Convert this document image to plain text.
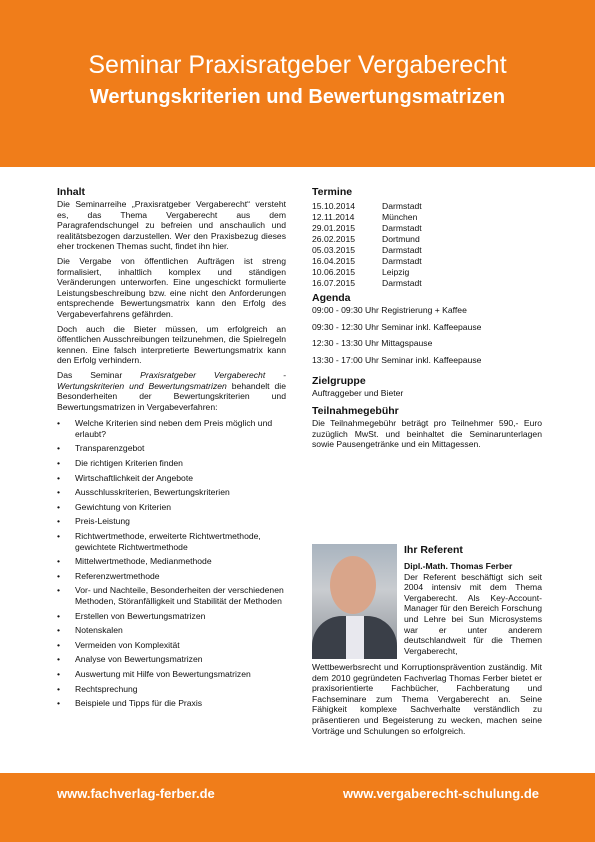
Seminar Praxisratgeber Vergaberecht
Wertungskriterien und Bewertungsmatrizen
Inhalt

Die Seminarreihe „Praxisratgeber Vergaberecht“ versteht es, das Thema Vergaberecht aus dem Paragrafendschungel zu befreien und anschaulich und realitätsbezogen darzustellen. Wer den Praxisbezug dieses eher trockenen Themas sucht, findet ihn hier.

Die Vergabe von öffentlichen Aufträgen ist streng formalisiert, inhaltlich komplex und ständigen Veränderungen unterworfen. Eine ungeschickt formulierte Leistungsbeschreibung bzw. eine nicht den Anforderungen entsprechende Bewertungsmatrix kann den Erfolg des Vergabeverfahrens gefährden.

Doch auch die Bieter müssen, um erfolgreich an öffentlichen Ausschreibungen teilzunehmen, die Spielregeln kennen. Eine falsch interpretierte Bewertungsmatrix kann den Erfolg verhindern.

Das Seminar Praxisratgeber Vergaberecht - Wertungskriterien und Bewertungsmatrizen behandelt die Besonderheiten der Bewertungskriterien und Bewertungsmatrizen in Vergabeverfahren:

• Welche Kriterien sind neben dem Preis möglich und erlaubt?
• Transparenzgebot
• Die richtigen Kriterien finden
• Wirtschaftlichkeit der Angebote
• Ausschlusskriterien, Bewertungskriterien
• Gewichtung von Kriterien
• Preis-Leistung
• Richtwertmethode, erweiterte Richtwertmethode, gewichtete Richtwertmethode
• Mittelwertmethode, Medianmethode
• Referenzwertmethode
• Vor- und Nachteile, Besonderheiten der verschiedenen Methoden, Störanfälligkeit und Stabilität der Methoden
• Erstellen von Bewertungsmatrizen
• Notenskalen
• Vermeiden von Komplexität
• Analyse von Bewertungsmatrizen
• Auswertung mit Hilfe von Bewertungsmatrizen
• Rechtsprechung
• Beispiele und Tipps für die Praxis
Termine
15.10.2014	Darmstadt
12.11.2014	München
29.01.2015	Darmstadt
26.02.2015	Dortmund
05.03.2015	Darmstadt
16.04.2015	Darmstadt
10.06.2015	Leipzig
16.07.2015	Darmstadt
Agenda
09:00 - 09:30 Uhr Registrierung + Kaffee
09:30 - 12:30 Uhr Seminar inkl. Kaffeepause
12:30 - 13:30 Uhr Mittagspause
13:30 - 17:00 Uhr Seminar inkl. Kaffeepause
Zielgruppe
Auftraggeber und Bieter
Teilnahmegebühr

Die Teilnahmegebühr beträgt pro Teilnehmer 590,- Euro zuzüglich MwSt. und beinhaltet die Seminarunterlagen sowie Pausengetränke und ein Mittagessen.

Ihr Referent
Dipl.-Math. Thomas Ferber

Der Referent beschäftigt sich seit 2004 intensiv mit dem Thema Vergaberecht. Als Key-Account-Manager für den Bereich Forschung und Lehre bei Sun Microsystems war er unter anderem deutschlandweit für die Themen Vergaberecht,

Wettbewerbsrecht und Korruptionsprävention zuständig. Mit dem 2010 gegründeten Fachverlag Thomas Ferber bietet er praxisorientierte Fachbücher, Fachberatung und Fachseminare zum Thema Vergaberecht an. Seine Fähigkeit komplexe Sachverhalte verständlich zu präsentieren und Begeisterung zu wecken, machen seine Vorträge und Schulungen so erfolgreich.
www.fachverlag-ferber.de	www.vergaberecht-schulung.de
